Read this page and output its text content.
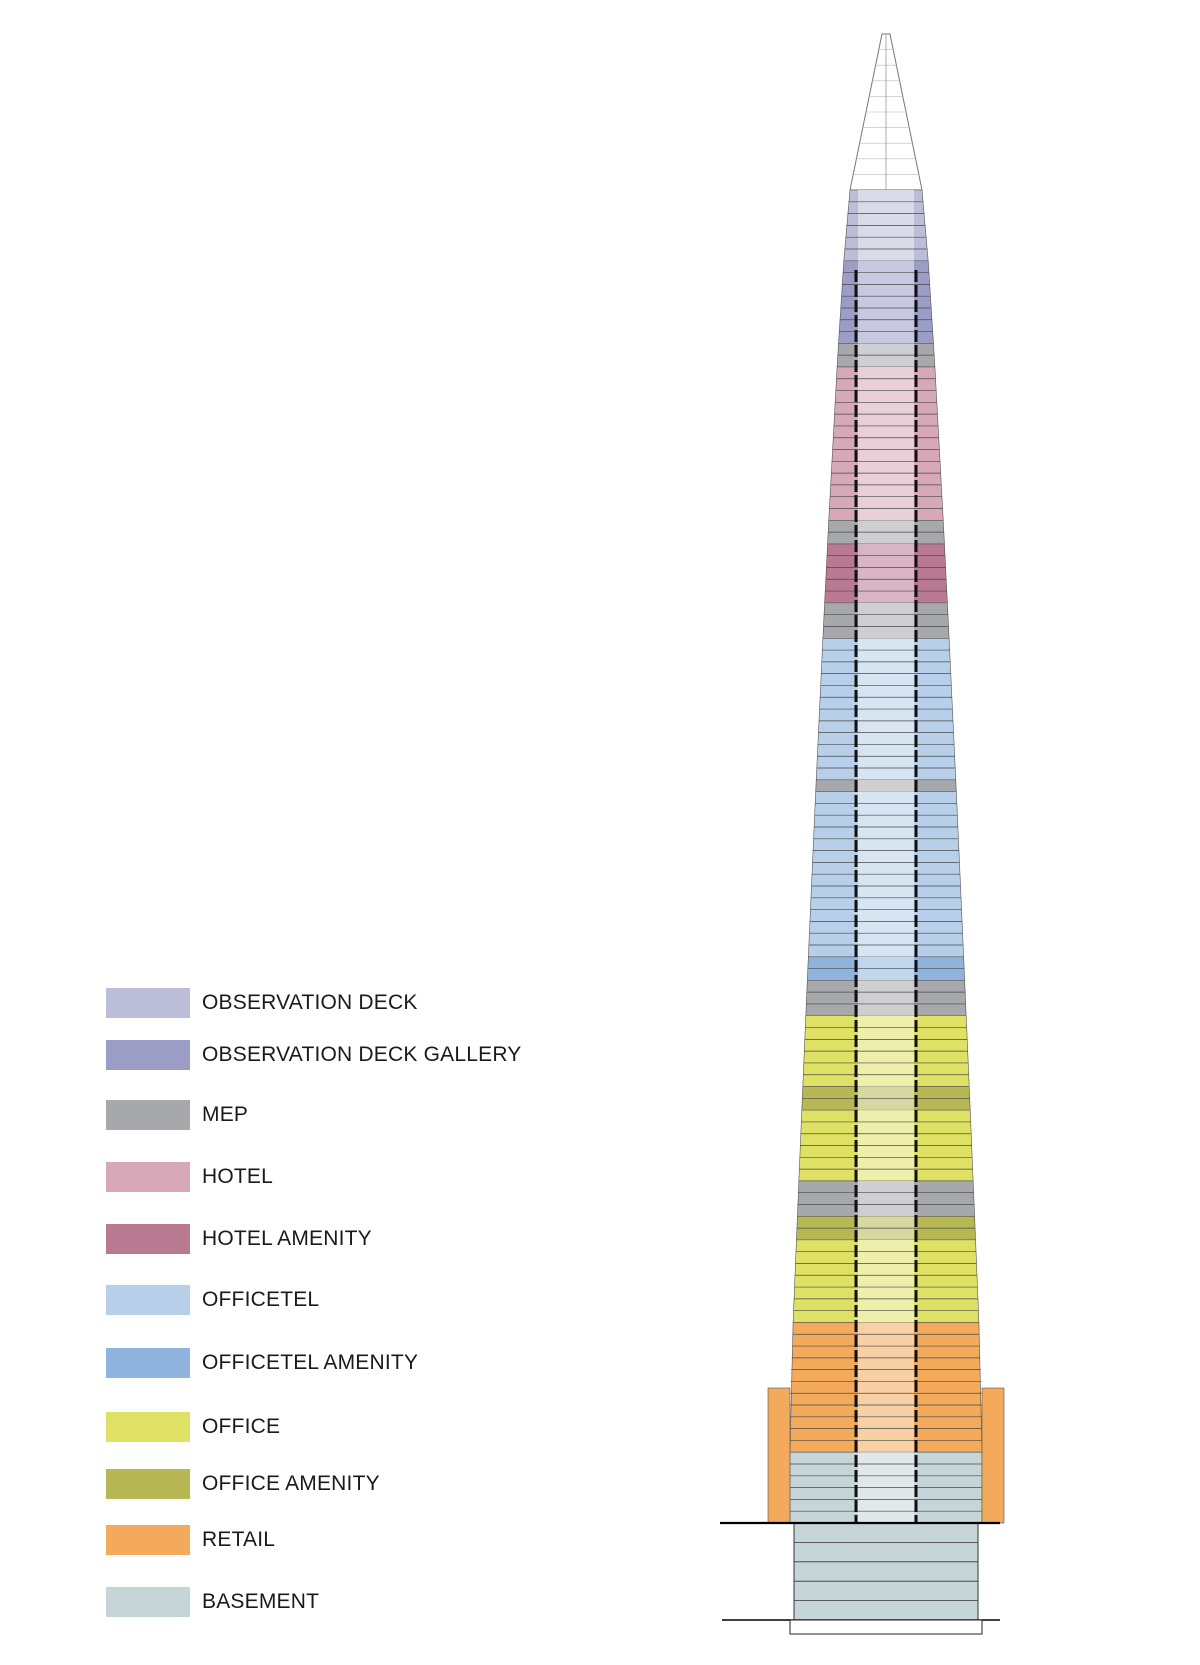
OBSERVATION DECK
OBSERVATION DECK GALLERY
MEP
HOTEL
HOTEL AMENITY
OFFICETEL
OFFICETEL AMENITY
OFFICE
OFFICE AMENITY
RETAIL
BASEMENT
